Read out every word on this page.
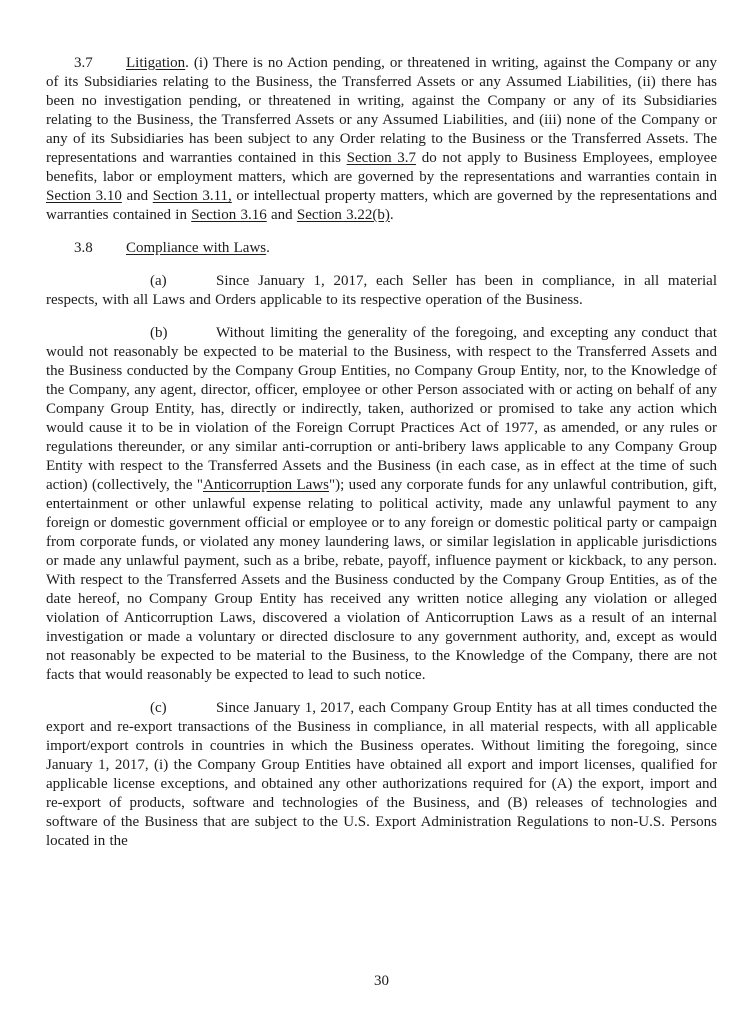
3.7 Litigation. (i) There is no Action pending, or threatened in writing, against the Company or any of its Subsidiaries relating to the Business, the Transferred Assets or any Assumed Liabilities, (ii) there has been no investigation pending, or threatened in writing, against the Company or any of its Subsidiaries relating to the Business, the Transferred Assets or any Assumed Liabilities, and (iii) none of the Company or any of its Subsidiaries has been subject to any Order relating to the Business or the Transferred Assets. The representations and warranties contained in this Section 3.7 do not apply to Business Employees, employee benefits, labor or employment matters, which are governed by the representations and warranties contain in Section 3.10 and Section 3.11, or intellectual property matters, which are governed by the representations and warranties contained in Section 3.16 and Section 3.22(b).

3.8 Compliance with Laws.

(a)	Since January 1, 2017, each Seller has been in compliance, in all material respects, with all Laws and Orders applicable to its respective operation of the Business.

(b)	Without limiting the generality of the foregoing, and excepting any conduct that would not reasonably be expected to be material to the Business, with respect to the Transferred Assets and the Business conducted by the Company Group Entities, no Company Group Entity, nor, to the Knowledge of the Company, any agent, director, officer, employee or other Person associated with or acting on behalf of any Company Group Entity, has, directly or indirectly, taken, authorized or promised to take any action which would cause it to be in violation of the Foreign Corrupt Practices Act of 1977, as amended, or any rules or regulations thereunder, or any similar anti-corruption or anti-bribery laws applicable to any Company Group Entity with respect to the Transferred Assets and the Business (in each case, as in effect at the time of such action) (collectively, the "Anticorruption Laws"); used any corporate funds for any unlawful contribution, gift, entertainment or other unlawful expense relating to political activity, made any unlawful payment to any foreign or domestic government official or employee or to any foreign or domestic political party or campaign from corporate funds, or violated any money laundering laws, or similar legislation in applicable jurisdictions or made any unlawful payment, such as a bribe, rebate, payoff, influence payment or kickback, to any person. With respect to the Transferred Assets and the Business conducted by the Company Group Entities, as of the date hereof, no Company Group Entity has received any written notice alleging any violation or alleged violation of Anticorruption Laws, discovered a violation of Anticorruption Laws as a result of an internal investigation or made a voluntary or directed disclosure to any government authority, and, except as would not reasonably be expected to be material to the Business, to the Knowledge of the Company, there are not facts that would reasonably be expected to lead to such notice.

(c)	Since January 1, 2017, each Company Group Entity has at all times conducted the export and re-export transactions of the Business in compliance, in all material respects, with all applicable import/export controls in countries in which the Business operates. Without limiting the foregoing, since January 1, 2017, (i) the Company Group Entities have obtained all export and import licenses, qualified for applicable license exceptions, and obtained any other authorizations required for (A) the export, import and re-export of products, software and technologies of the Business, and (B) releases of technologies and software of the Business that are subject to the U.S. Export Administration Regulations to non-U.S. Persons located in the

30
